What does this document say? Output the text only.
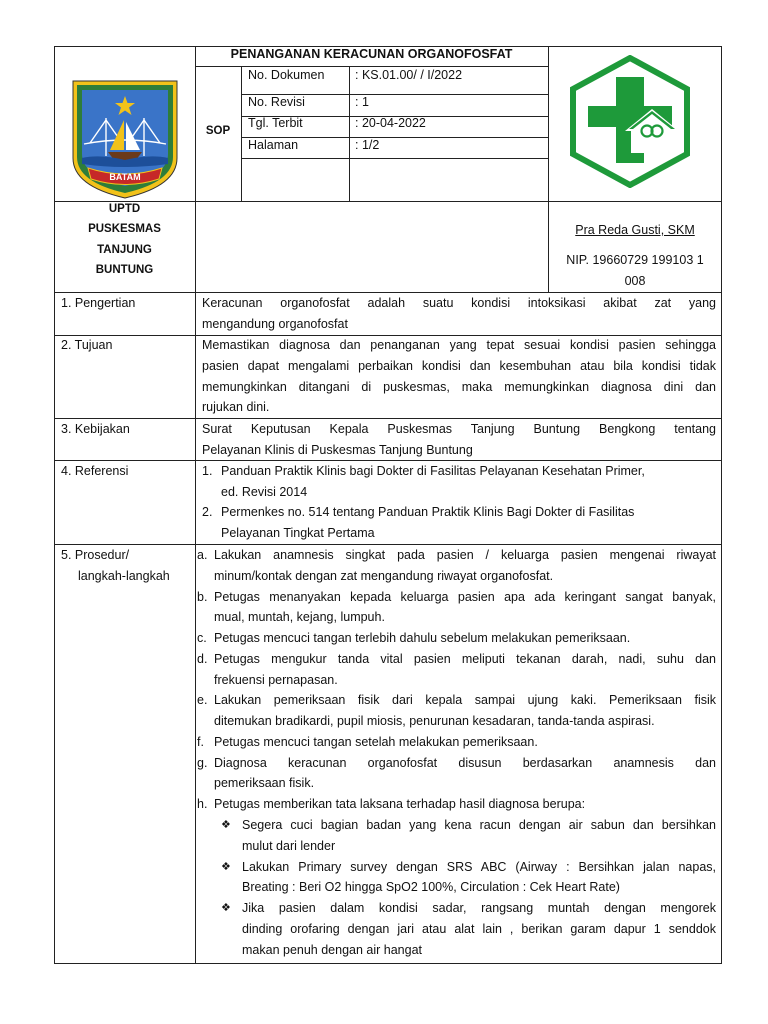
BATAM
PENANGANAN KERACUNAN ORGANOFOSFAT
SOP
No. Dokumen : KS.01.00/ / I/2022
No. Revisi	: 1
Tgl. Terbit	: 20-04-2022
Halaman	: 1/2
UPTD
PUSKESMAS
TANJUNG
BUNTUNG
Pra Reda Gusti, SKM
NIP. 19660729 199103 1
008
1. Pengertian	Keracunan organofosfat adalah suatu kondisi intoksikasi akibat zat yang
mengandung organofosfat
2. Tujuan	Memastikan diagnosa dan penanganan yang tepat sesuai kondisi pasien sehingga
pasien dapat mengalami perbaikan kondisi dan kesembuhan atau bila kondisi tidak
memungkinkan ditangani di puskesmas, maka memungkinkan diagnosa dini dan
rujukan dini.
3. Kebijakan	Surat Keputusan Kepala Puskesmas Tanjung Buntung Bengkong tentang
Pelayanan Klinis di Puskesmas Tanjung Buntung
4. Referensi	1. Panduan Praktik Klinis bagi Dokter di Fasilitas Pelayanan Kesehatan Primer,
ed. Revisi 2014
2. Permenkes no. 514 tentang Panduan Praktik Klinis Bagi Dokter di Fasilitas
Pelayanan Tingkat Pertama
5. Prosedur/
langkah-langkah
a. Lakukan anamnesis singkat pada pasien / keluarga pasien mengenai riwayat
minum/kontak dengan zat mengandung riwayat organofosfat.
b. Petugas menanyakan kepada keluarga pasien apa ada keringant sangat banyak,
mual, muntah, kejang, lumpuh.
c. Petugas mencuci tangan terlebih dahulu sebelum melakukan pemeriksaan.
d. Petugas mengukur tanda vital pasien meliputi tekanan darah, nadi, suhu dan
frekuensi pernapasan.
e. Lakukan pemeriksaan fisik dari kepala sampai ujung kaki. Pemeriksaan fisik
ditemukan bradikardi, pupil miosis, penurunan kesadaran, tanda-tanda aspirasi.
f. Petugas mencuci tangan setelah melakukan pemeriksaan.
g. Diagnosa keracunan organofosfat disusun berdasarkan anamnesis dan
pemeriksaan fisik.
h. Petugas memberikan tata laksana terhadap hasil diagnosa berupa:
❖ Segera cuci bagian badan yang kena racun dengan air sabun dan bersihkan
mulut dari lender
❖ Lakukan Primary survey dengan SRS ABC (Airway : Bersihkan jalan napas,
Breating : Beri O2 hingga SpO2 100%, Circulation : Cek Heart Rate)
❖ Jika pasien dalam kondisi sadar, rangsang muntah dengan mengorek
dinding orofaring dengan jari atau alat lain , berikan garam dapur 1 senddok
makan penuh dengan air hangat
